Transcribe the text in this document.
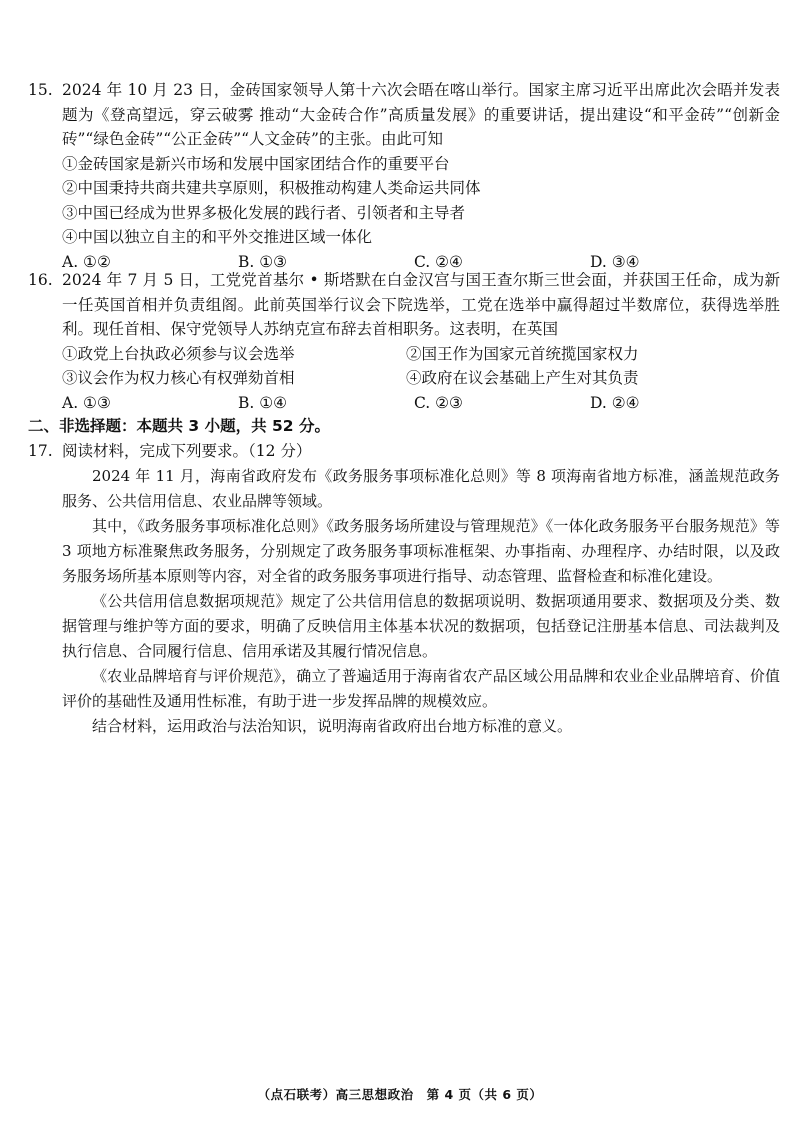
15. 2024 年 10 月 23 日，金砖国家领导人第十六次会晤在喀山举行。国家主席习近平出席此次会晤并发表题为《登高望远，穿云破雾 推动“大金砖合作”高质量发展》的重要讲话，提出建设“和平金砖”“创新金砖”“绿色金砖”“公正金砖”“人文金砖”的主张。由此可知
①金砖国家是新兴市场和发展中国家团结合作的重要平台
②中国秉持共商共建共享原则，积极推动构建人类命运共同体
③中国已经成为世界多极化发展的践行者、引领者和主导者
④中国以独立自主的和平外交推进区域一体化
A. ①②	B. ①③	C. ②④	D. ③④
16. 2024 年 7 月 5 日，工党党首基尔 • 斯塔默在白金汉宫与国王查尔斯三世会面，并获国王任命，成为新一任英国首相并负责组阁。此前英国举行议会下院选举，工党在选举中赢得超过半数席位，获得选举胜利。现任首相、保守党领导人苏纳克宣布辞去首相职务。这表明，在英国
①政党上台执政必须参与议会选举	②国王作为国家元首统揽国家权力
③议会作为权力核心有权弹劾首相	④政府在议会基础上产生对其负责
A. ①③	B. ①④	C. ②③	D. ②④
二、非选择题：本题共 3 小题，共 52 分。
17. 阅读材料，完成下列要求。（12 分）

2024 年 11 月，海南省政府发布《政务服务事项标准化总则》等 8 项海南省地方标准，涵盖规范政务服务、公共信用信息、农业品牌等领域。

其中，《政务服务事项标准化总则》《政务服务场所建设与管理规范》《一体化政务服务平台服务规范》等 3 项地方标准聚焦政务服务，分别规定了政务服务事项标准框架、办事指南、办理程序、办结时限，以及政务服务场所基本原则等内容，对全省的政务服务事项进行指导、动态管理、监督检查和标准化建设。

《公共信用信息数据项规范》规定了公共信用信息的数据项说明、数据项通用要求、数据项及分类、数据管理与维护等方面的要求，明确了反映信用主体基本状况的数据项，包括登记注册基本信息、司法裁判及执行信息、合同履行信息、信用承诺及其履行情况信息。

《农业品牌培育与评价规范》，确立了普遍适用于海南省农产品区域公用品牌和农业企业品牌培育、价值评价的基础性及通用性标准，有助于进一步发挥品牌的规模效应。

结合材料，运用政治与法治知识，说明海南省政府出台地方标准的意义。

（点石联考）高三思想政治　第 4 页（共 6 页）
